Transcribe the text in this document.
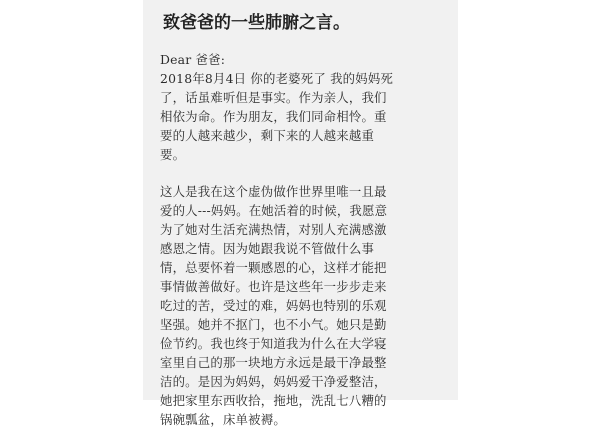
致爸爸的一些肺腑之言。
Dear 爸爸:
2018年8月4日 你的老婆死了 我的妈妈死
了，话虽难听但是事实。作为亲人，我们
相依为命。作为朋友，我们同命相怜。重
要的人越来越少，剩下来的人越来越重
要。
这人是我在这个虚伪做作世界里唯一且最
爱的人---妈妈。在她活着的时候，我愿意
为了她对生活充满热情，对别人充满感激
感恩之情。因为她跟我说不管做什么事
情，总要怀着一颗感恩的心，这样才能把
事情做善做好。也许是这些年一步步走来
吃过的苦，受过的难，妈妈也特别的乐观
坚强。她并不抠门，也不小气。她只是勤
俭节约。我也终于知道我为什么在大学寝
室里自己的那一块地方永远是最干净最整
洁的。是因为妈妈，妈妈爱干净爱整洁，
她把家里东西收拾，拖地，洗乱七八糟的
锅碗瓢盆，床单被褥。
